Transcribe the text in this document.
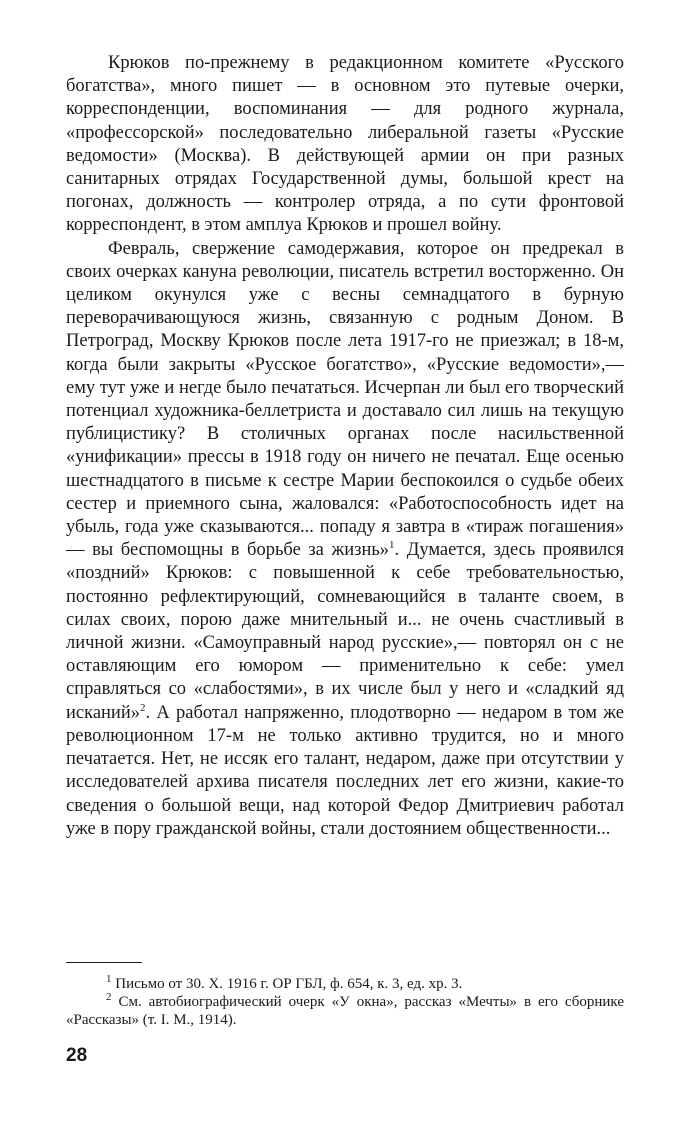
Крюков по-прежнему в редакционном комитете «Русского богатства», много пишет — в основном это путевые очерки, корреспонденции, воспоминания — для родного журнала, «профессорской» последовательно либеральной газеты «Русские ведомости» (Москва). В действующей армии он при разных санитарных отрядах Государственной думы, большой крест на погонах, должность — контролер отряда, а по сути фронтовой корреспондент, в этом амплуа Крюков и прошел войну.

Февраль, свержение самодержавия, которое он предрекал в своих очерках кануна революции, писатель встретил восторженно. Он целиком окунулся уже с весны семнадцатого в бурную переворачивающуюся жизнь, связанную с родным Доном. В Петроград, Москву Крюков после лета 1917-го не приезжал; в 18-м, когда были закрыты «Русское богатство», «Русские ведомости»,— ему тут уже и негде было печататься. Исчерпан ли был его творческий потенциал художника-беллетриста и доставало сил лишь на текущую публицистику? В столичных органах после насильственной «унификации» прессы в 1918 году он ничего не печатал. Еще осенью шестнадцатого в письме к сестре Марии беспокоился о судьбе обеих сестер и приемного сына, жаловался: «Работоспособность идет на убыль, года уже сказываются... попаду я завтра в «тираж погашения» — вы беспомощны в борьбе за жизнь»$^1$. Думается, здесь проявился «поздний» Крюков: с повышенной к себе требовательностью, постоянно рефлектирующий, сомневающийся в таланте своем, в силах своих, порою даже мнительный и... не очень счастливый в личной жизни. «Самоуправный народ русские»,— повторял он с не оставляющим его юмором — применительно к себе: умел справляться со «слабостями», в их числе был у него и «сладкий яд исканий»$^2$. А работал напряженно, плодотворно — недаром в том же революционном 17-м не только активно трудится, но и много печатается. Нет, не иссяк его талант, недаром, даже при отсутствии у исследователей архива писателя последних лет его жизни, какие-то сведения о большой вещи, над которой Федор Дмитриевич работал уже в пору гражданской войны, стали достоянием общественности...

$^1$ Письмо от 30. X. 1916 г. ОР ГБЛ, ф. 654, к. 3, ед. хр. 3.

$^2$ См. автобиографический очерк «У окна», рассказ «Мечты» в его сборнике «Рассказы» (т. I. М., 1914).

28
